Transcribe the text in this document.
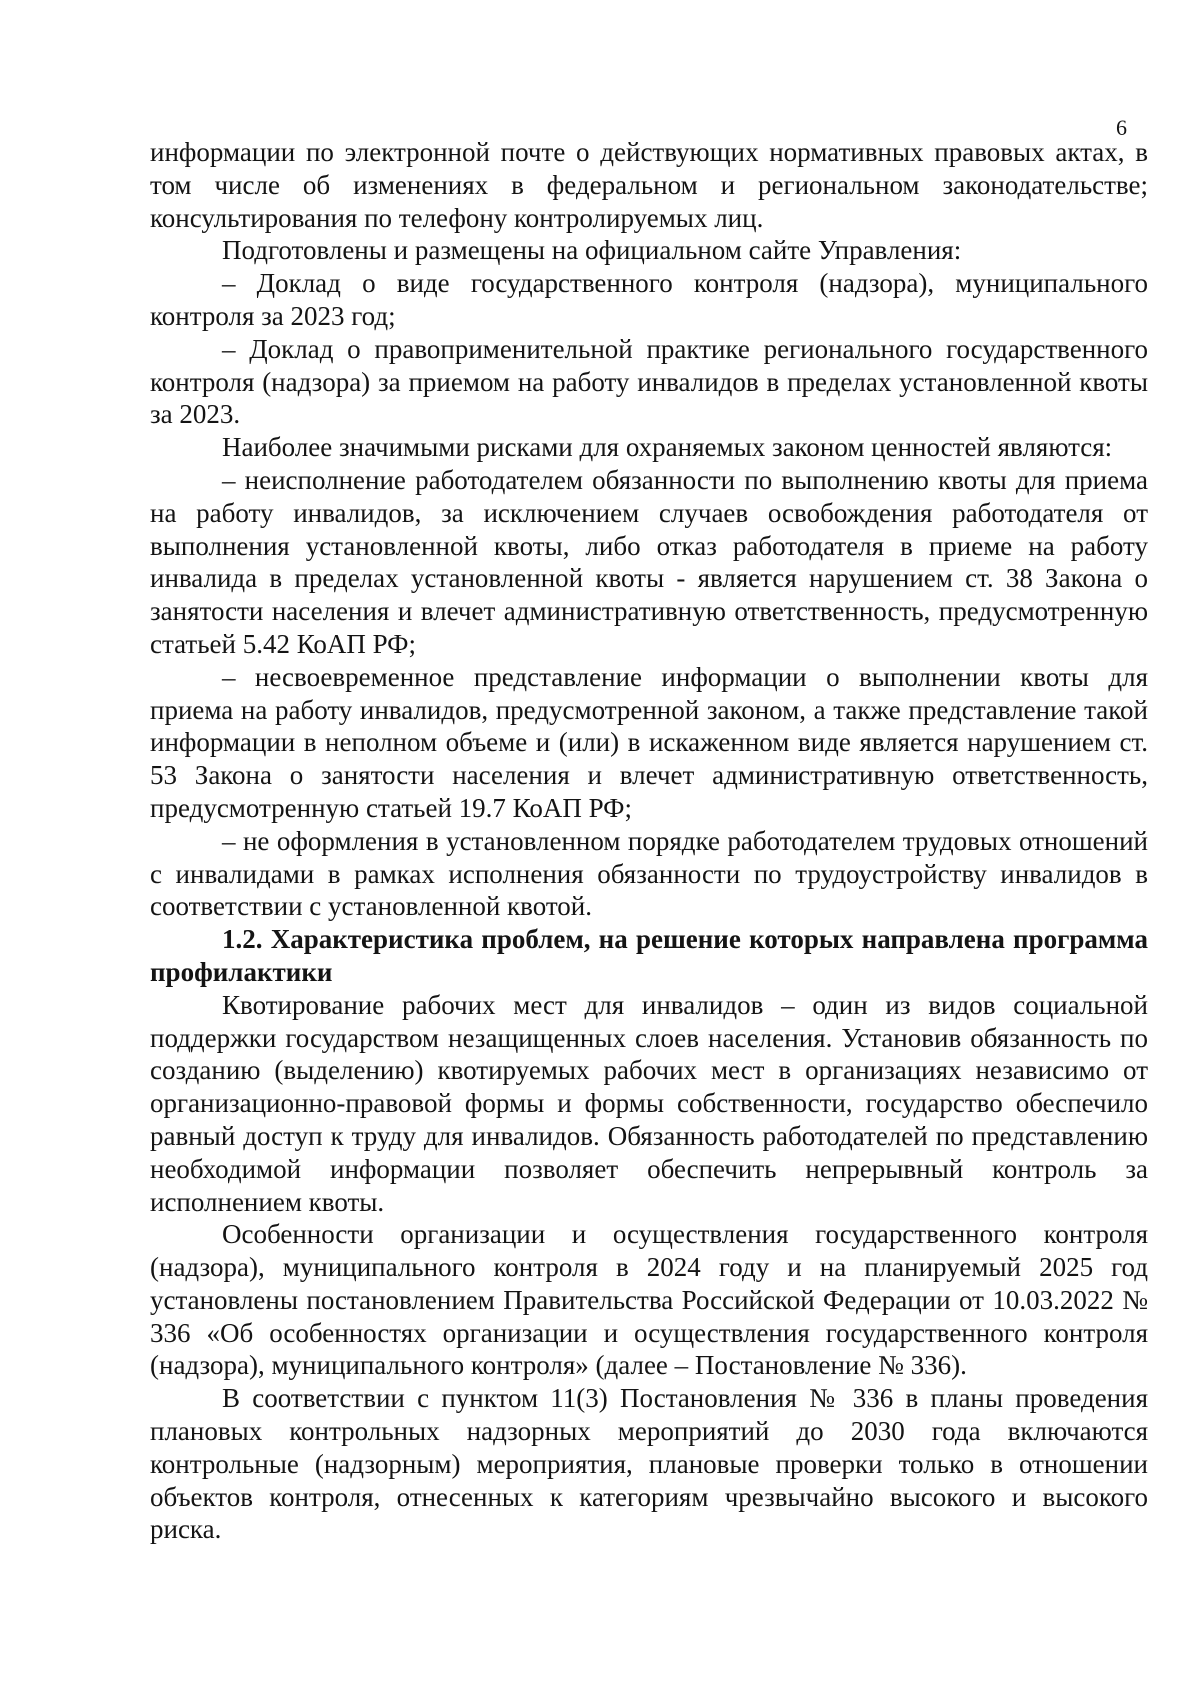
6

информации по электронной почте о действующих нормативных правовых актах, в том числе об изменениях в федеральном и региональном законодательстве; консультирования по телефону контролируемых лиц.

Подготовлены и размещены на официальном сайте Управления:

– Доклад о виде государственного контроля (надзора), муниципального контроля за 2023 год;

– Доклад о правоприменительной практике регионального государственного контроля (надзора) за приемом на работу инвалидов в пределах установленной квоты за 2023.

Наиболее значимыми рисками для охраняемых законом ценностей являются:

– неисполнение работодателем обязанности по выполнению квоты для приема на работу инвалидов, за исключением случаев освобождения работодателя от выполнения установленной квоты, либо отказ работодателя в приеме на работу инвалида в пределах установленной квоты - является нарушением ст. 38 Закона о занятости населения и влечет административную ответственность, предусмотренную статьей 5.42 КоАП РФ;

– несвоевременное представление информации о выполнении квоты для приема на работу инвалидов, предусмотренной законом, а также представление такой информации в неполном объеме и (или) в искаженном виде является нарушением ст. 53 Закона о занятости населения и влечет административную ответственность, предусмотренную статьей 19.7 КоАП РФ;

– не оформления в установленном порядке работодателем трудовых отношений с инвалидами в рамках исполнения обязанности по трудоустройству инвалидов в соответствии с установленной квотой.

1.2. Характеристика проблем, на решение которых направлена программа профилактики

Квотирование рабочих мест для инвалидов – один из видов социальной поддержки государством незащищенных слоев населения. Установив обязанность по созданию (выделению) квотируемых рабочих мест в организациях независимо от организационно-правовой формы и формы собственности, государство обеспечило равный доступ к труду для инвалидов. Обязанность работодателей по представлению необходимой информации позволяет обеспечить непрерывный контроль за исполнением квоты.

Особенности организации и осуществления государственного контроля (надзора), муниципального контроля в 2024 году и на планируемый 2025 год установлены постановлением Правительства Российской Федерации от 10.03.2022 № 336 «Об особенностях организации и осуществления государственного контроля (надзора), муниципального контроля» (далее – Постановление № 336).

В соответствии с пунктом 11(3) Постановления № 336 в планы проведения плановых контрольных надзорных мероприятий до 2030 года включаются контрольные (надзорным) мероприятия, плановые проверки только в отношении объектов контроля, отнесенных к категориям чрезвычайно высокого и высокого риска.
